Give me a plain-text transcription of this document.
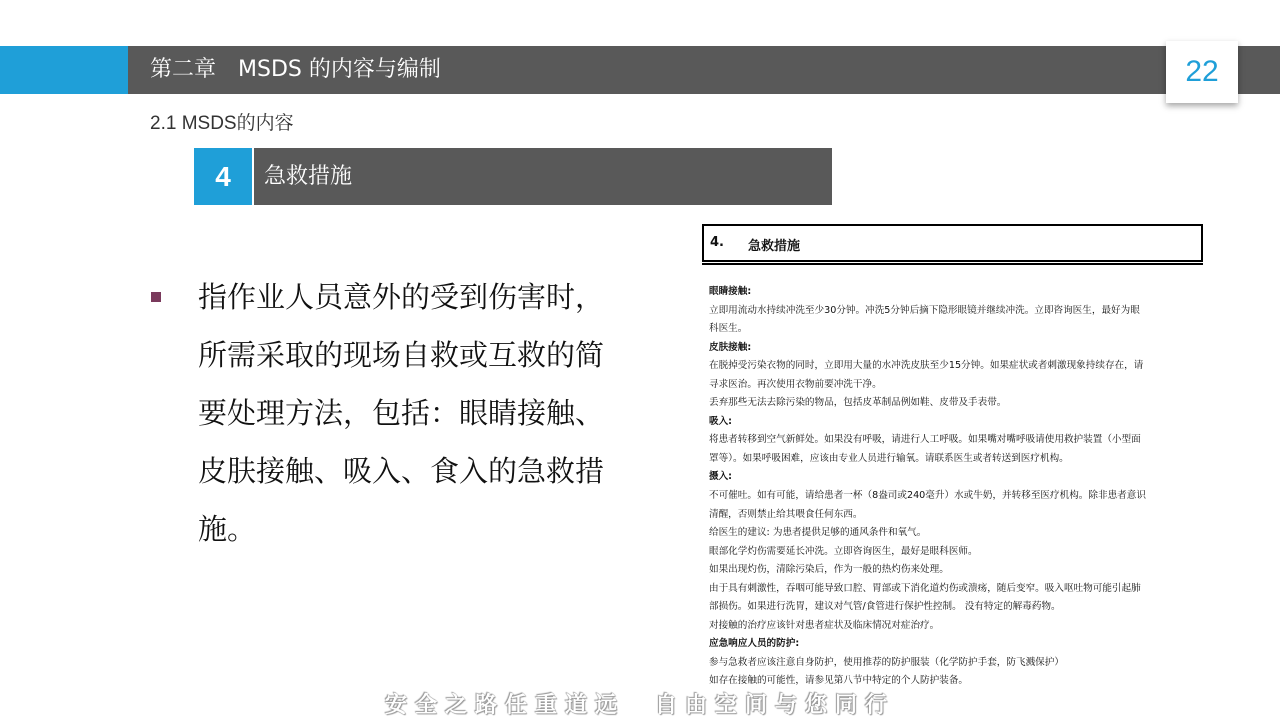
第二章　MSDS 的内容与编制	22
2.1 MSDS的内容
4	急救措施
指作业人员意外的受到伤害时，所需采取的现场自救或互救的简要处理方法，包括：眼睛接触、皮肤接触、吸入、食入的急救措施。
4. 急救措施
眼睛接触:
立即用流动水持续冲洗至少30分钟。冲洗5分钟后摘下隐形眼镜并继续冲洗。立即咨询医生，最好为眼
科医生。
皮肤接触:
在脱掉受污染衣物的同时，立即用大量的水冲洗皮肤至少15分钟。如果症状或者刺激现象持续存在，请
寻求医治。再次使用衣物前要冲洗干净。
丢弃那些无法去除污染的物品，包括皮革制品例如鞋、皮带及手表带。
吸入:
将患者转移到空气新鲜处。如果没有呼吸，请进行人工呼吸。如果嘴对嘴呼吸请使用救护装置（小型面
罩等）。如果呼吸困难，应该由专业人员进行输氧。请联系医生或者转送到医疗机构。
摄入:
不可催吐。如有可能，请给患者一杯（8盎司或240毫升）水或牛奶，并转移至医疗机构。除非患者意识
清醒，否则禁止给其喂食任何东西。
给医生的建议: 为患者提供足够的通风条件和氧气。
眼部化学灼伤需要延长冲洗。立即咨询医生，最好是眼科医师。
如果出现灼伤，清除污染后，作为一般的热灼伤来处理。
由于具有刺激性，吞咽可能导致口腔、胃部或下消化道灼伤或溃疡，随后变窄。吸入呕吐物可能引起肺
部损伤。如果进行洗胃，建议对气管/食管进行保护性控制。 没有特定的解毒药物。
对接触的治疗应该针对患者症状及临床情况对症治疗。
应急响应人员的防护:
参与急救者应该注意自身防护，使用推荐的防护服装（化学防护手套，防飞溅保护）
如存在接触的可能性，请参见第八节中特定的个人防护装备。
安全之路任重道远　自由空间与您同行
